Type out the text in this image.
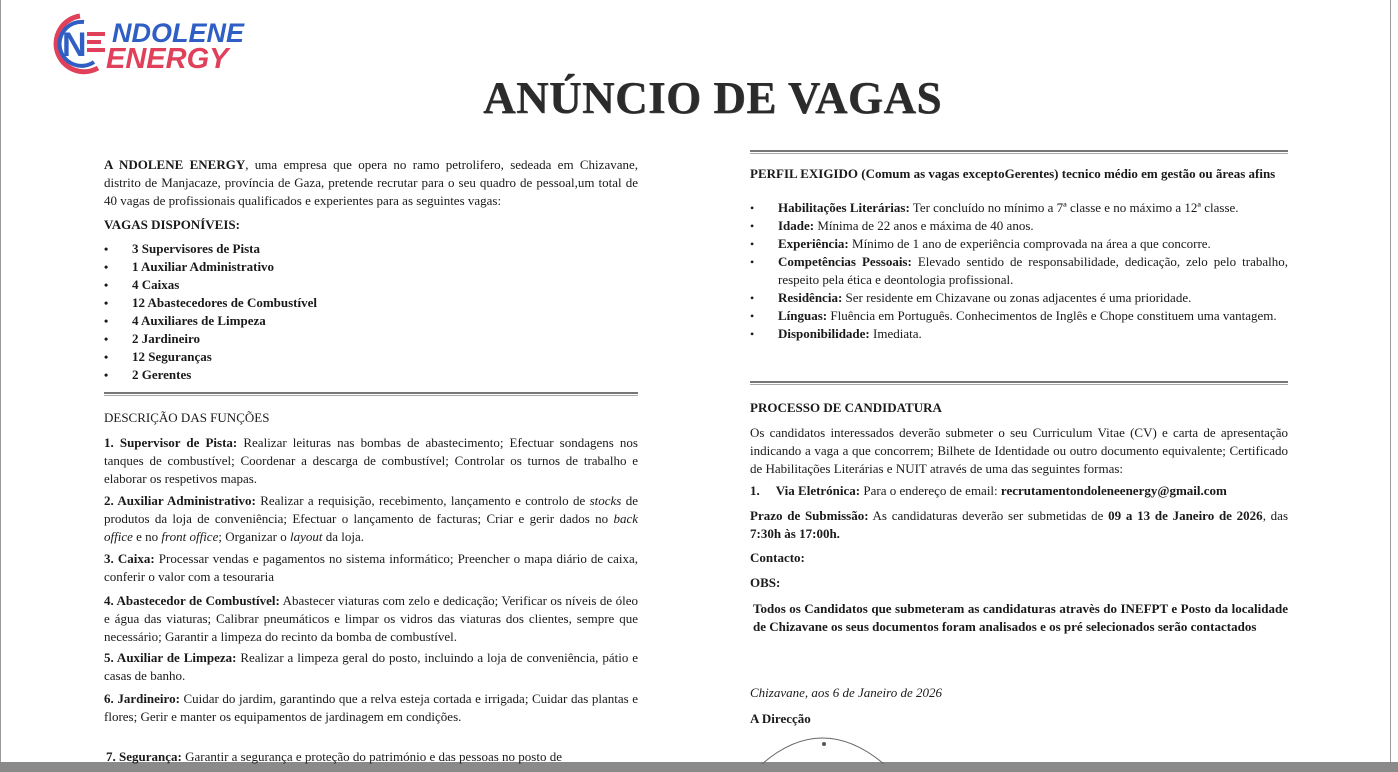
N NDOLENE
ENERGY
ANÚNCIO DE VAGAS
A NDOLENE ENERGY, uma empresa que opera no ramo petrolifero, sedeada em Chizavane, distrito de Manjacaze, província de Gaza, pretende recrutar para o seu quadro de pessoal,um total de 40 vagas de profissionais qualificados e experientes para as seguintes vagas:
VAGAS DISPONÍVEIS:
• 3 Supervisores de Pista
• 1 Auxiliar Administrativo
• 4 Caixas
• 12 Abastecedores de Combustível
• 4 Auxiliares de Limpeza
• 2 Jardineiro
• 12 Seguranças
• 2 Gerentes
DESCRIÇÃO DAS FUNÇÕES
1. Supervisor de Pista: Realizar leituras nas bombas de abastecimento; Efectuar sondagens nos tanques de combustível; Coordenar a descarga de combustível; Controlar os turnos de trabalho e elaborar os respetivos mapas.
2. Auxiliar Administrativo: Realizar a requisição, recebimento, lançamento e controlo de stocks de produtos da loja de conveniência; Efectuar o lançamento de facturas; Criar e gerir dados no back office e no front office; Organizar o layout da loja.
3. Caixa: Processar vendas e pagamentos no sistema informático; Preencher o mapa diário de caixa, conferir o valor com a tesouraria
4. Abastecedor de Combustível: Abastecer viaturas com zelo e dedicação; Verificar os níveis de óleo e água das viaturas; Calibrar pneumáticos e limpar os vidros das viaturas dos clientes, sempre que necessário; Garantir a limpeza do recinto da bomba de combustível.
5. Auxiliar de Limpeza: Realizar a limpeza geral do posto, incluindo a loja de conveniência, pátio e casas de banho.
6. Jardineiro: Cuidar do jardim, garantindo que a relva esteja cortada e irrigada; Cuidar das plantas e flores; Gerir e manter os equipamentos de jardinagem em condições.
7. Segurança: Garantir a segurança e proteção do património e das pessoas no posto de
PERFIL EXIGIDO (Comum as vagas exceptoGerentes) tecnico médio em gestão ou ãreas afins
• Habilitações Literárias: Ter concluído no mínimo a 7ª classe e no máximo a 12ª classe.
• Idade: Mínima de 22 anos e máxima de 40 anos.
• Experiência: Mínimo de 1 ano de experiência comprovada na área a que concorre.
• Competências Pessoais: Elevado sentido de responsabilidade, dedicação, zelo pelo trabalho, respeito pela ética e deontologia profissional.
• Residência: Ser residente em Chizavane ou zonas adjacentes é uma prioridade.
• Línguas: Fluência em Português. Conhecimentos de Inglês e Chope constituem uma vantagem.
• Disponibilidade: Imediata.
PROCESSO DE CANDIDATURA
Os candidatos interessados deverão submeter o seu Curriculum Vitae (CV) e carta de apresentação indicando a vaga a que concorrem; Bilhete de Identidade ou outro documento equivalente; Certificado de Habilitações Literárias e NUIT através de uma das seguintes formas:
1.     Via Eletrónica: Para o endereço de email: recrutamentondoleneenergy@gmail.com
Prazo de Submissão: As candidaturas deverão ser submetidas de 09 a 13 de Janeiro de 2026, das 7:30h às 17:00h.
Contacto:
OBS:
Todos os Candidatos que submeteram as candidaturas atravès do INEFPT e Posto da localidade de Chizavane os seus documentos foram analisados e os pré selecionados serão contactados
Chizavane, aos 6 de Janeiro de 2026
A Direcção
